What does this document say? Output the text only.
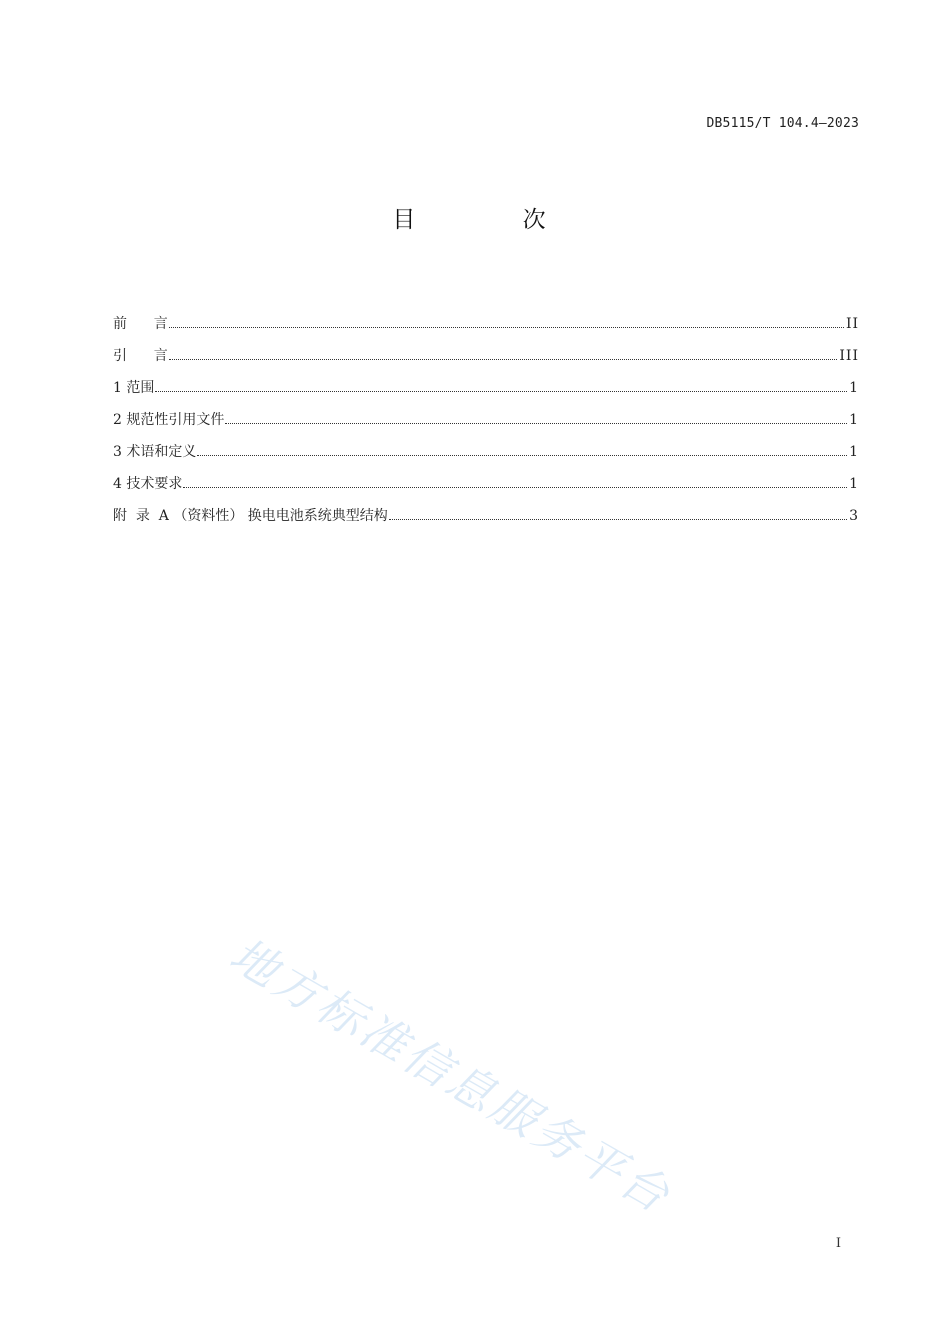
DB5115/T 104.4—2023
目 次
前      言	II
引      言	III
1 范围	1
2 规范性引用文件	1
3 术语和定义	1
4 技术要求	1
附  录  A （资料性） 换电电池系统典型结构	3
地方标准信息服务平台
I
